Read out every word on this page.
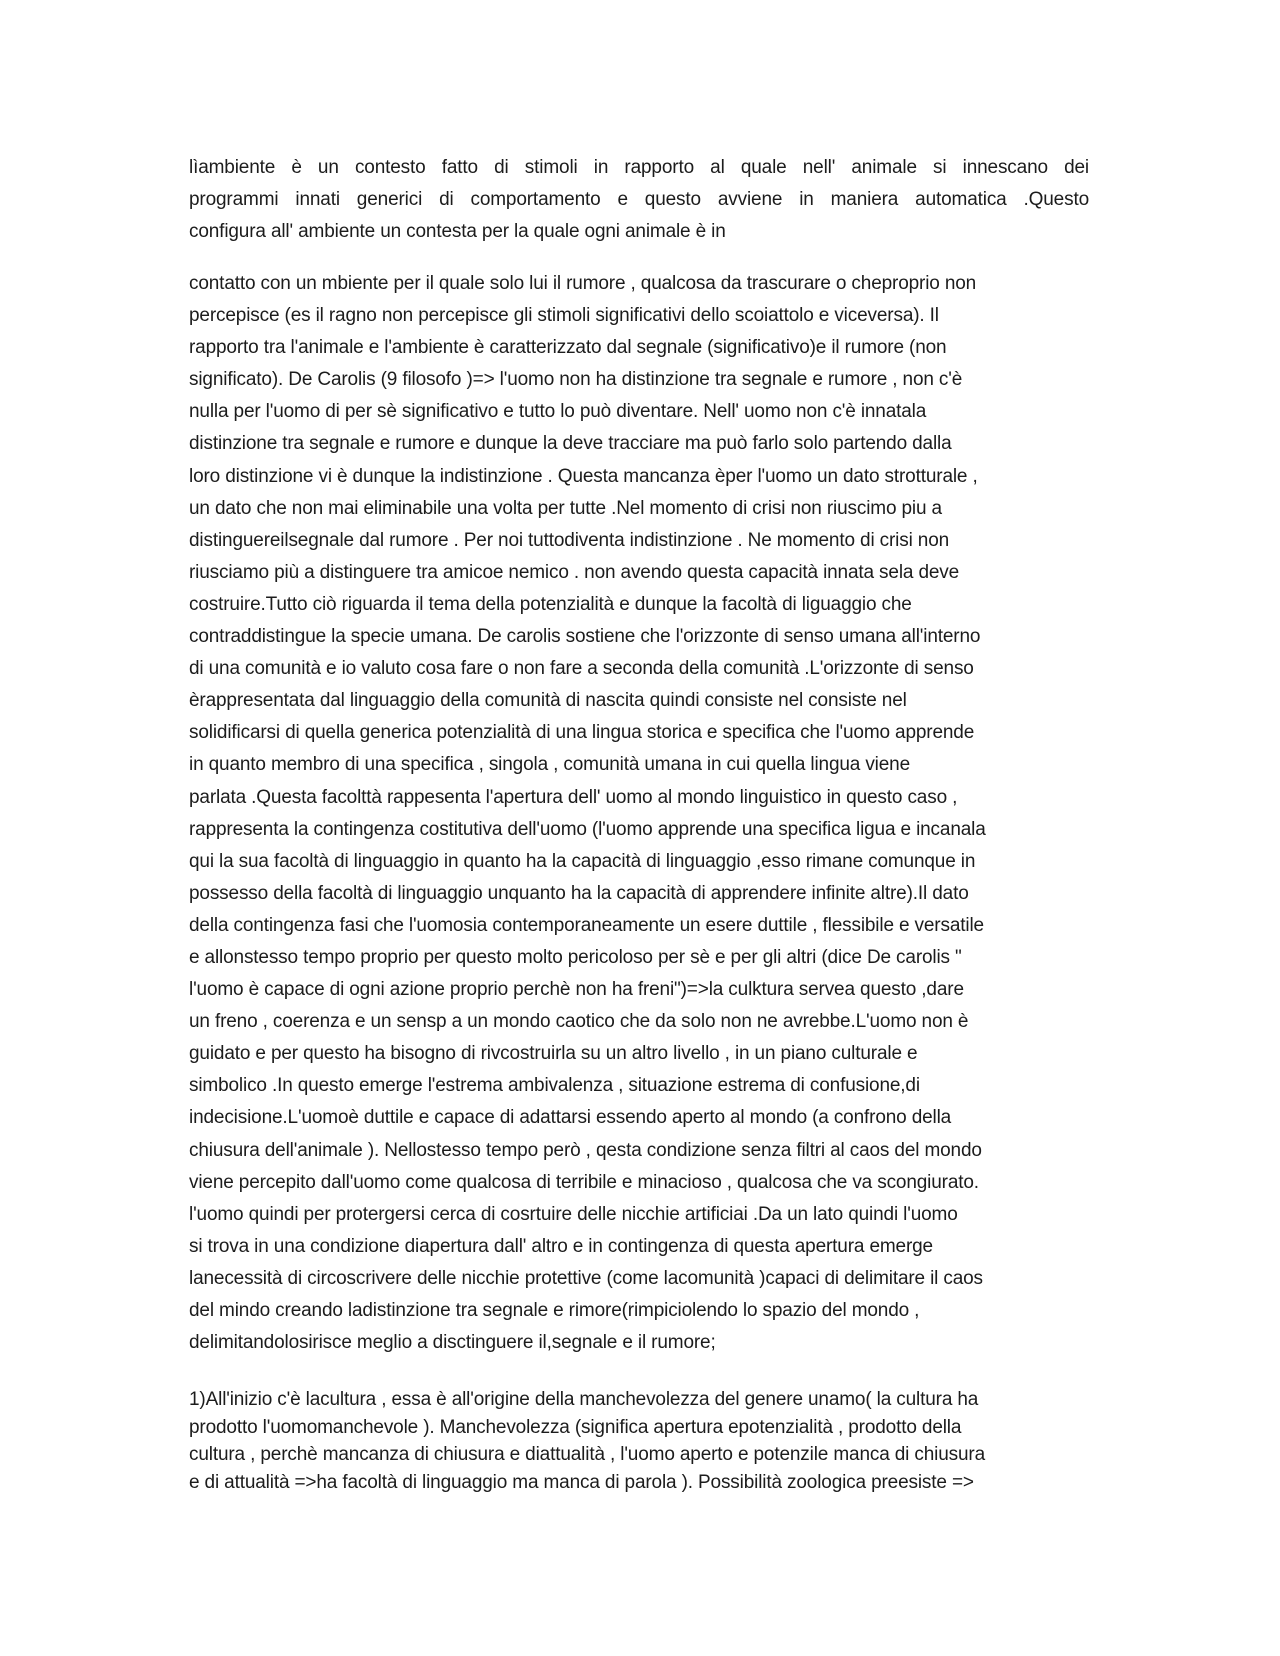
lìambiente è un contesto fatto di stimoli in rapporto al quale nell' animale si innescano dei
programmi innati generici di comportamento e questo avviene in maniera automatica .Questo
configura all' ambiente un contesta per la quale ogni animale è in
contatto con un mbiente per il quale solo lui il rumore , qualcosa da trascurare o cheproprio non
percepisce (es il ragno non percepisce gli stimoli significativi dello scoiattolo e viceversa). Il
rapporto tra l'animale e l'ambiente è caratterizzato dal segnale (significativo)e il rumore (non
significato). De Carolis (9 filosofo )=> l'uomo non ha distinzione tra segnale e rumore , non c'è
nulla per l'uomo di per sè significativo e tutto lo può diventare. Nell' uomo non c'è innatala
distinzione tra segnale e rumore e dunque la deve tracciare ma può farlo solo partendo dalla
loro distinzione vi è dunque la indistinzione . Questa mancanza èper l'uomo un dato strotturale ,
un dato che non mai eliminabile una volta per tutte .Nel momento di crisi non riuscimo piu a
distinguereilsegnale dal rumore . Per noi tuttodiventa indistinzione . Ne momento di crisi non
riusciamo più a distinguere tra amicoe nemico . non avendo questa capacità innata sela deve
costruire.Tutto ciò riguarda il tema della potenzialità e dunque la facoltà di liguaggio che
contraddistingue la specie umana. De carolis sostiene che l'orizzonte di senso umana all'interno
di una comunità e io valuto cosa fare o non fare a seconda della comunità .L'orizzonte di senso
èrappresentata dal linguaggio della comunità di nascita quindi consiste nel consiste nel
solidificarsi di quella generica potenzialità di una lingua storica e specifica che l'uomo apprende
in quanto membro di una specifica , singola , comunità umana in cui quella lingua viene
parlata .Questa facolttà rappesenta l'apertura dell' uomo al mondo linguistico in questo caso ,
rappresenta la contingenza costitutiva dell'uomo (l'uomo apprende una specifica ligua e incanala
qui la sua facoltà di linguaggio in quanto ha la capacità di linguaggio ,esso rimane comunque in
possesso della facoltà di linguaggio unquanto ha la capacità di apprendere infinite altre).Il dato
della contingenza fasi che l'uomosia contemporaneamente un esere duttile , flessibile e versatile
e allonstesso tempo proprio per questo molto pericoloso per sè e per gli altri (dice De carolis "
l'uomo è capace di ogni azione proprio perchè non ha freni")=>la culktura servea questo ,dare
un freno , coerenza e un sensp a un mondo caotico che da solo non ne avrebbe.L'uomo non è
guidato e per questo ha bisogno di rivcostruirla su un altro livello , in un piano culturale e
simbolico .In questo emerge l'estrema ambivalenza , situazione estrema di confusione,di
indecisione.L'uomoè duttile e capace di adattarsi essendo aperto al mondo (a confrono della
chiusura dell'animale ). Nellostesso tempo però , qesta condizione senza filtri al caos del mondo
viene percepito dall'uomo come qualcosa di terribile e minacioso , qualcosa che va scongiurato.
l'uomo quindi per protergersi cerca di cosrtuire delle nicchie artificiai .Da un lato quindi l'uomo
si trova in una condizione diapertura dall' altro e in contingenza di questa apertura emerge
lanecessità di circoscrivere delle nicchie protettive (come lacomunità )capaci di delimitare il caos
del mindo creando ladistinzione tra segnale e rimore(rimpiciolendo lo spazio del mondo ,
delimitandolosirisce meglio a disctinguere il,segnale e il rumore;
1)All'inizio c'è lacultura , essa è all'origine della manchevolezza del genere unamo( la cultura ha
prodotto l'uomomanchevole ). Manchevolezza (significa apertura epotenzialità , prodotto della
cultura , perchè mancanza di chiusura e diattualità , l'uomo aperto e potenzile manca di chiusura
e di attualità =>ha facoltà di linguaggio ma manca di parola ). Possibilità zoologica preesiste =>
